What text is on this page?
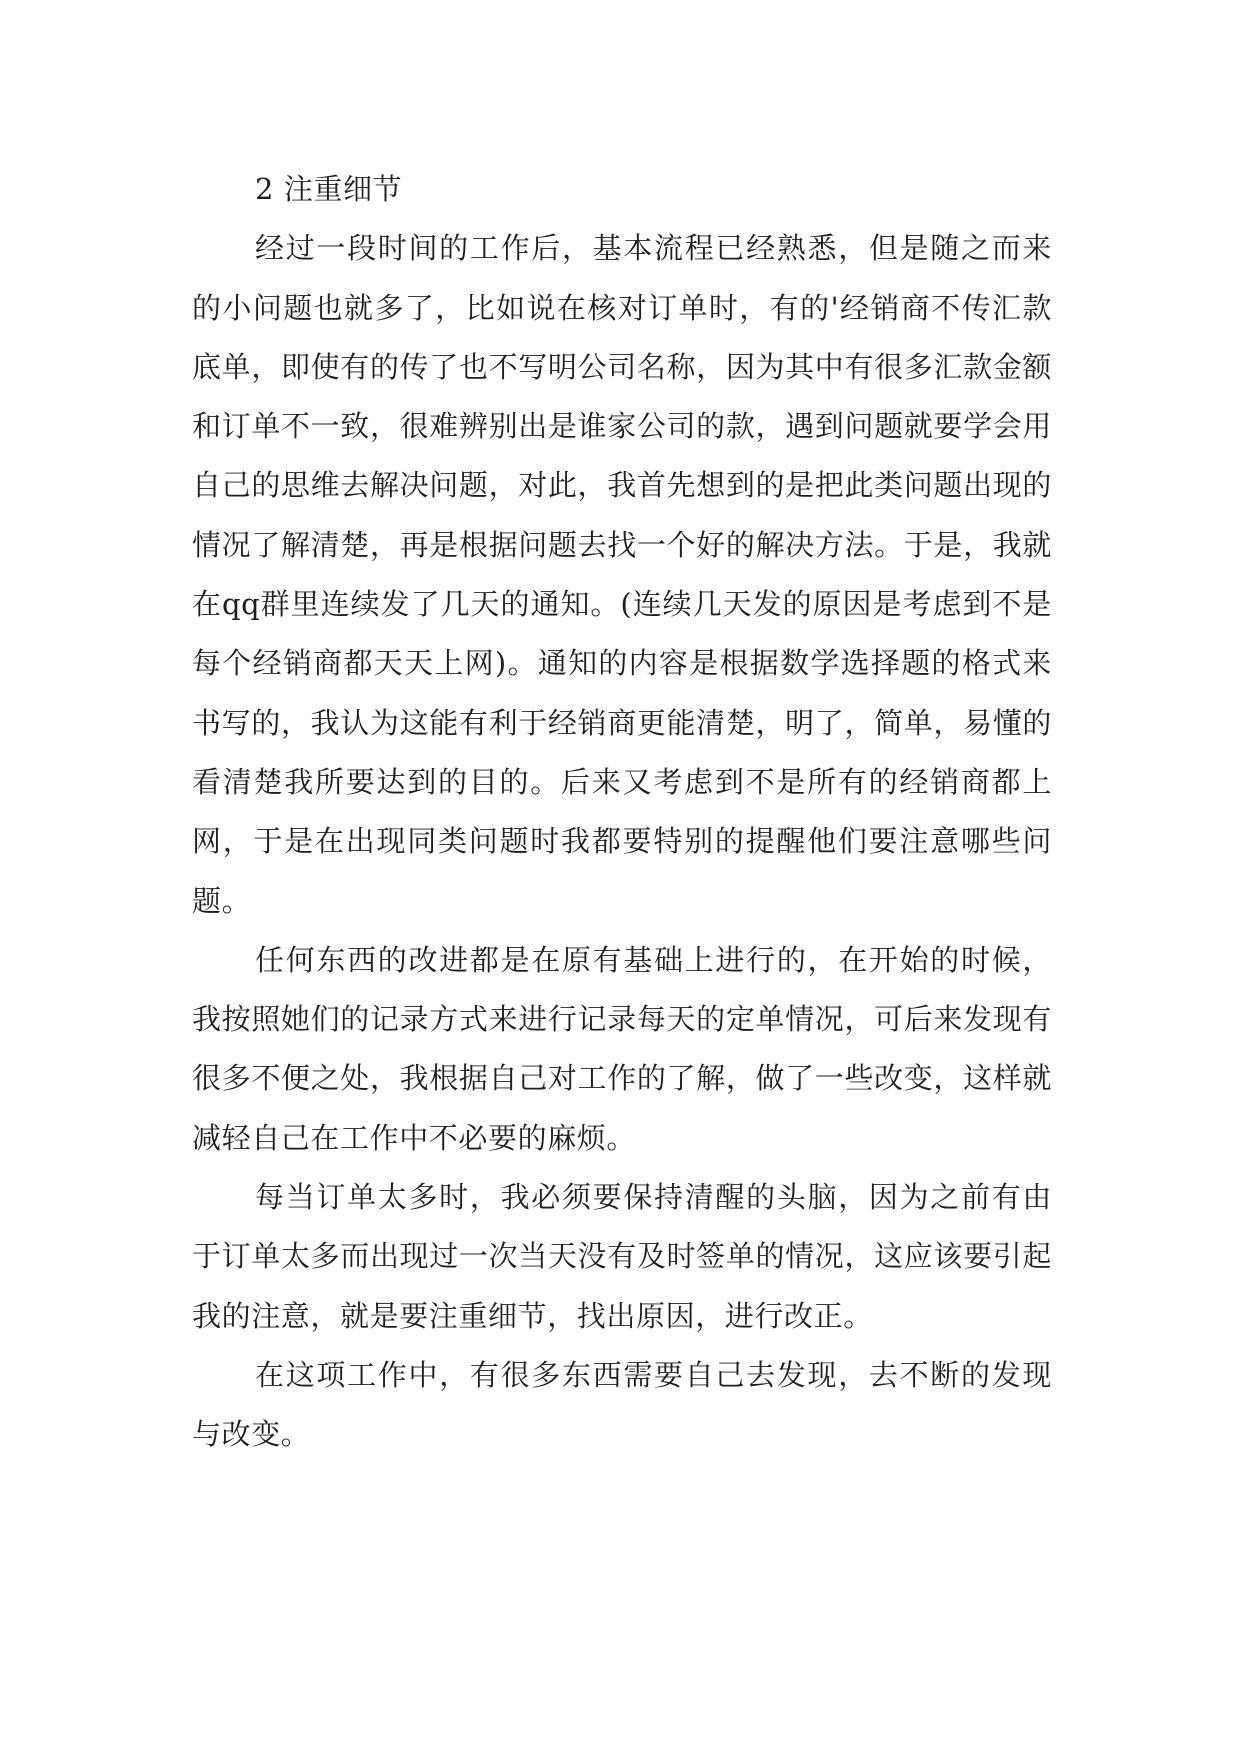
2 注重细节

经过一段时间的工作后，基本流程已经熟悉，但是随之而来的小问题也就多了，比如说在核对订单时，有的'经销商不传汇款底单，即使有的传了也不写明公司名称，因为其中有很多汇款金额和订单不一致，很难辨别出是谁家公司的款，遇到问题就要学会用自己的思维去解决问题，对此，我首先想到的是把此类问题出现的情况了解清楚，再是根据问题去找一个好的解决方法。于是，我就在qq群里连续发了几天的通知。(连续几天发的原因是考虑到不是每个经销商都天天上网)。通知的内容是根据数学选择题的格式来书写的，我认为这能有利于经销商更能清楚，明了，简单，易懂的看清楚我所要达到的目的。后来又考虑到不是所有的经销商都上网，于是在出现同类问题时我都要特别的提醒他们要注意哪些问题。

任何东西的改进都是在原有基础上进行的，在开始的时候，我按照她们的记录方式来进行记录每天的定单情况，可后来发现有很多不便之处，我根据自己对工作的了解，做了一些改变，这样就减轻自己在工作中不必要的麻烦。

每当订单太多时，我必须要保持清醒的头脑，因为之前有由于订单太多而出现过一次当天没有及时签单的情况，这应该要引起我的注意，就是要注重细节，找出原因，进行改正。

在这项工作中，有很多东西需要自己去发现，去不断的发现与改变。
